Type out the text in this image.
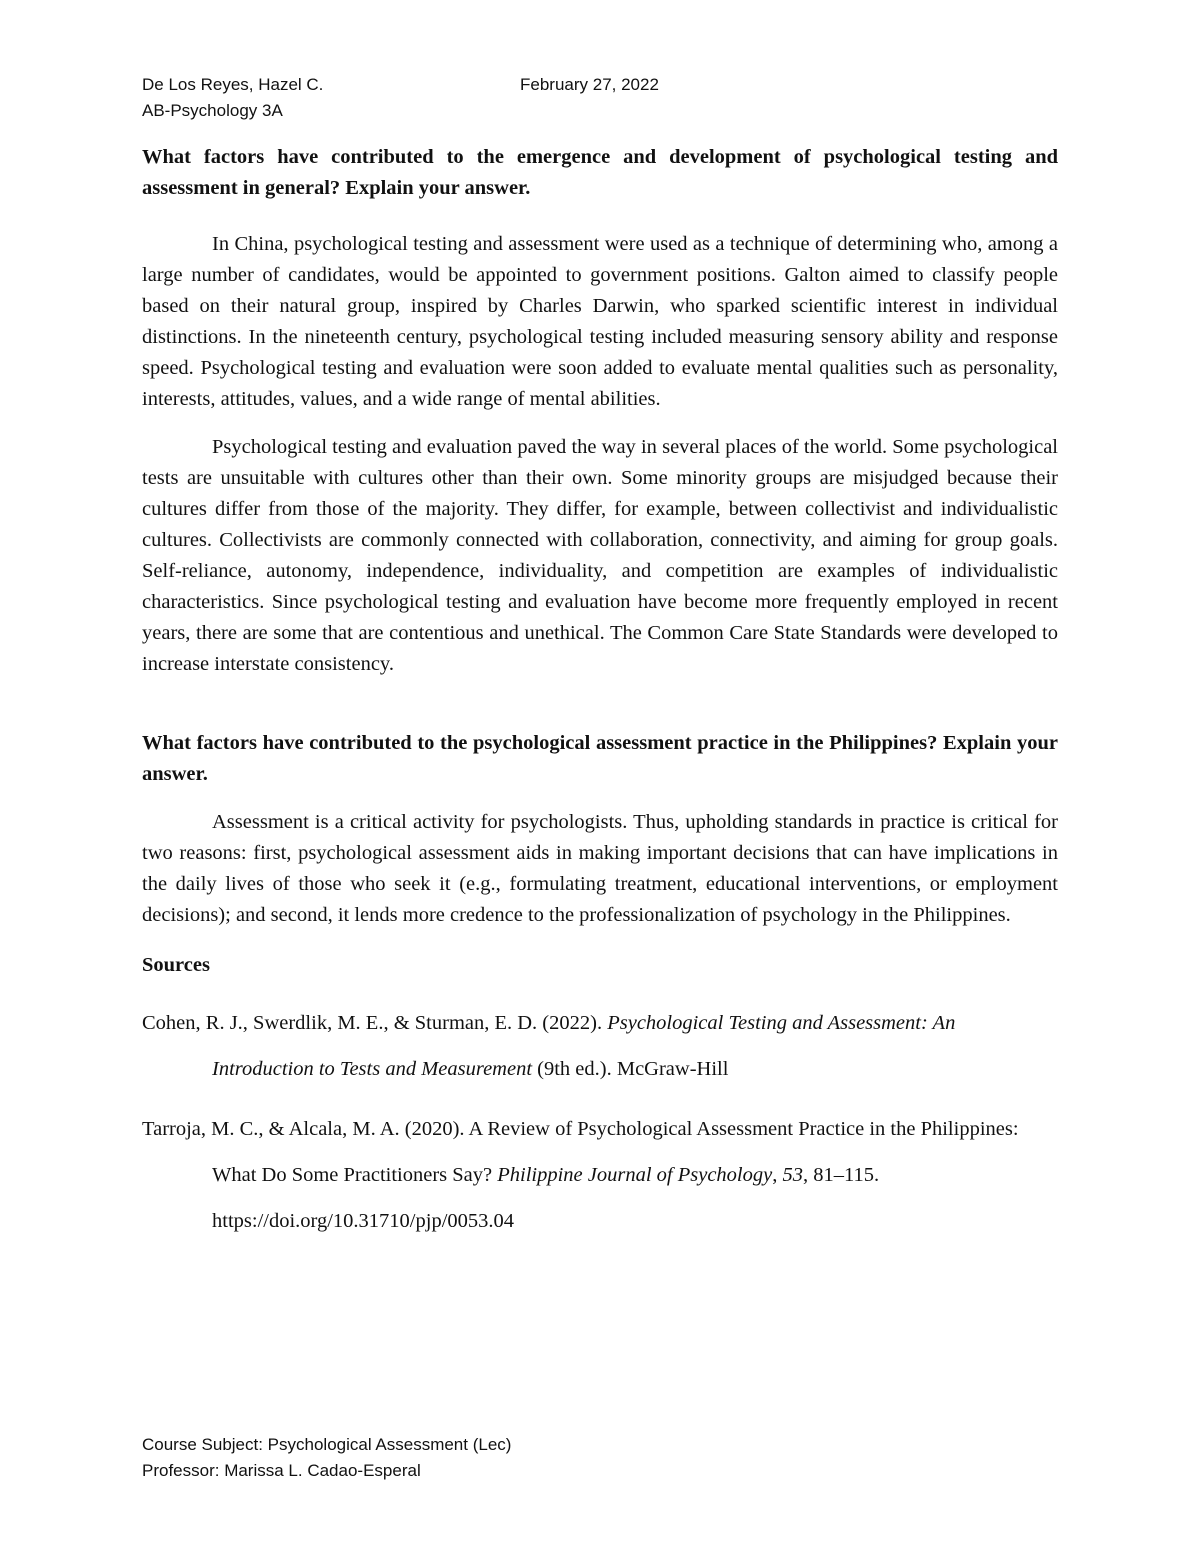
De Los Reyes, Hazel C.	February 27, 2022
AB-Psychology 3A

What factors have contributed to the emergence and development of psychological testing and assessment in general? Explain your answer.

In China, psychological testing and assessment were used as a technique of determining who, among a large number of candidates, would be appointed to government positions. Galton aimed to classify people based on their natural group, inspired by Charles Darwin, who sparked scientific interest in individual distinctions. In the nineteenth century, psychological testing included measuring sensory ability and response speed. Psychological testing and evaluation were soon added to evaluate mental qualities such as personality, interests, attitudes, values, and a wide range of mental abilities.

Psychological testing and evaluation paved the way in several places of the world. Some psychological tests are unsuitable with cultures other than their own. Some minority groups are misjudged because their cultures differ from those of the majority. They differ, for example, between collectivist and individualistic cultures. Collectivists are commonly connected with collaboration, connectivity, and aiming for group goals. Self-reliance, autonomy, independence, individuality, and competition are examples of individualistic characteristics. Since psychological testing and evaluation have become more frequently employed in recent years, there are some that are contentious and unethical. The Common Care State Standards were developed to increase interstate consistency.

What factors have contributed to the psychological assessment practice in the Philippines? Explain your answer.

Assessment is a critical activity for psychologists. Thus, upholding standards in practice is critical for two reasons: first, psychological assessment aids in making important decisions that can have implications in the daily lives of those who seek it (e.g., formulating treatment, educational interventions, or employment decisions); and second, it lends more credence to the professionalization of psychology in the Philippines.

Sources

Cohen, R. J., Swerdlik, M. E., & Sturman, E. D. (2022). Psychological Testing and Assessment: An Introduction to Tests and Measurement (9th ed.). McGraw-Hill

Tarroja, M. C., & Alcala, M. A. (2020). A Review of Psychological Assessment Practice in the Philippines: What Do Some Practitioners Say? Philippine Journal of Psychology, 53, 81–115. https://doi.org/10.31710/pjp/0053.04

Course Subject: Psychological Assessment (Lec)
Professor: Marissa L. Cadao-Esperal
